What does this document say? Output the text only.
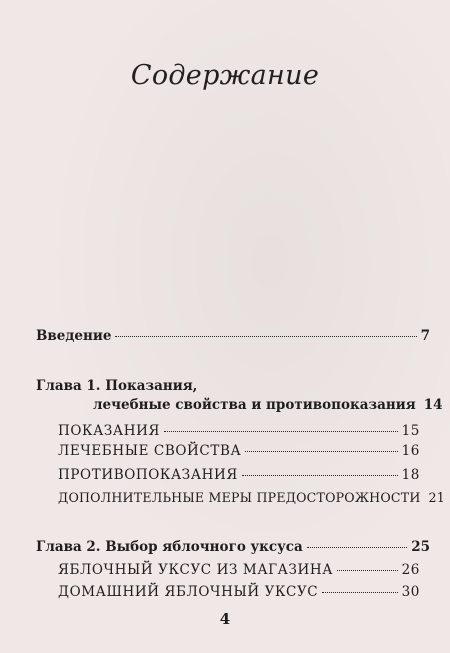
Содержание
Введение	7
Глава 1. Показания,
лечебные свойства и противопоказания 14
ПОКАЗАНИЯ	15
ЛЕЧЕБНЫЕ СВОЙСТВА	16
ПРОТИВОПОКАЗАНИЯ	18
ДОПОЛНИТЕЛЬНЫЕ МЕРЫ ПРЕДОСТОРОЖНОСТИ 21
Глава 2. Выбор яблочного уксуса	25
ЯБЛОЧНЫЙ УКСУС ИЗ МАГАЗИНА	26
ДОМАШНИЙ ЯБЛОЧНЫЙ УКСУС	30
4
